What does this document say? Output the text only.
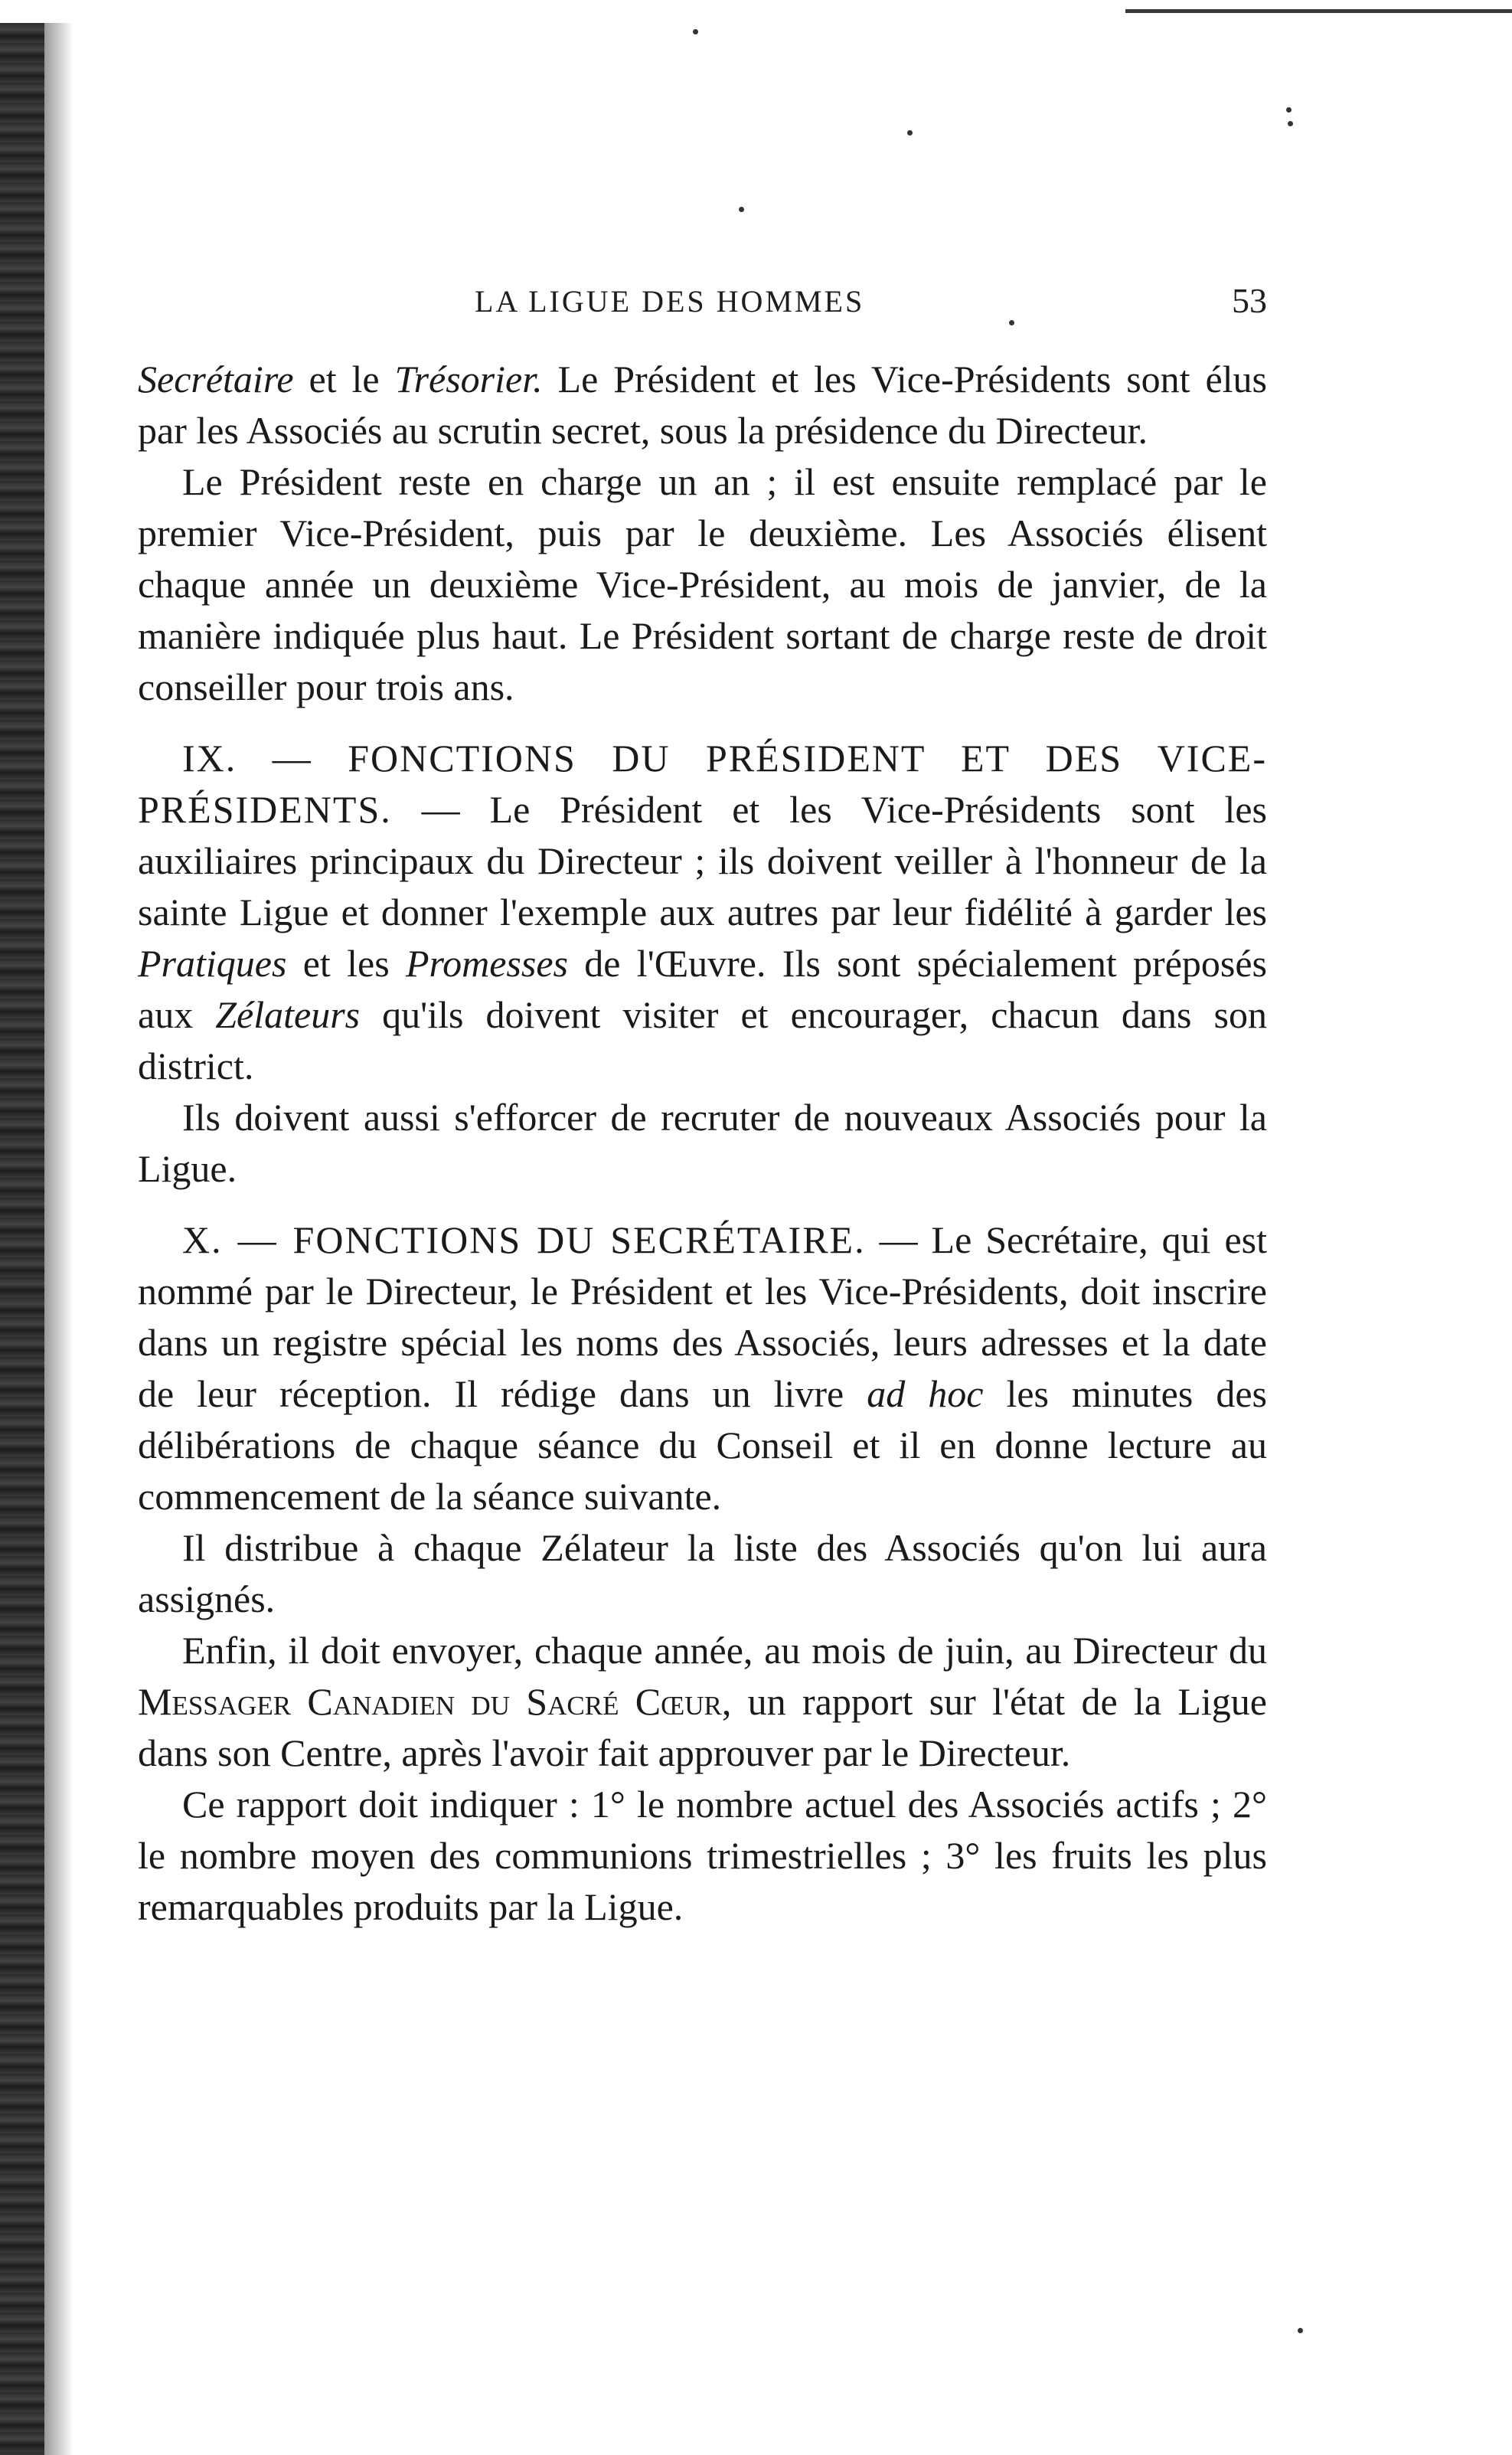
LA LIGUE DES HOMMES	53

Secrétaire et le Trésorier. Le Président et les Vice-Présidents sont élus par les Associés au scrutin secret, sous la présidence du Directeur.

Le Président reste en charge un an ; il est ensuite remplacé par le premier Vice-Président, puis par le deuxième. Les Associés élisent chaque année un deuxième Vice-Président, au mois de janvier, de la manière indiquée plus haut. Le Président sortant de charge reste de droit conseiller pour trois ans.

IX. — FONCTIONS DU PRÉSIDENT ET DES VICE-PRÉSIDENTS. — Le Président et les Vice-Présidents sont les auxiliaires principaux du Directeur ; ils doivent veiller à l'honneur de la sainte Ligue et donner l'exemple aux autres par leur fidélité à garder les Pratiques et les Promesses de l'Œuvre. Ils sont spécialement préposés aux Zélateurs qu'ils doivent visiter et encourager, chacun dans son district.

Ils doivent aussi s'efforcer de recruter de nouveaux Associés pour la Ligue.

X. — FONCTIONS DU SECRÉTAIRE. — Le Secrétaire, qui est nommé par le Directeur, le Président et les Vice-Présidents, doit inscrire dans un registre spécial les noms des Associés, leurs adresses et la date de leur réception. Il rédige dans un livre ad hoc les minutes des délibérations de chaque séance du Conseil et il en donne lecture au commencement de la séance suivante.

Il distribue à chaque Zélateur la liste des Associés qu'on lui aura assignés.

Enfin, il doit envoyer, chaque année, au mois de juin, au Directeur du Messager Canadien du Sacré Cœur, un rapport sur l'état de la Ligue dans son Centre, après l'avoir fait approuver par le Directeur.

Ce rapport doit indiquer : 1° le nombre actuel des Associés actifs ; 2° le nombre moyen des communions trimestrielles ; 3° les fruits les plus remarquables produits par la Ligue.
